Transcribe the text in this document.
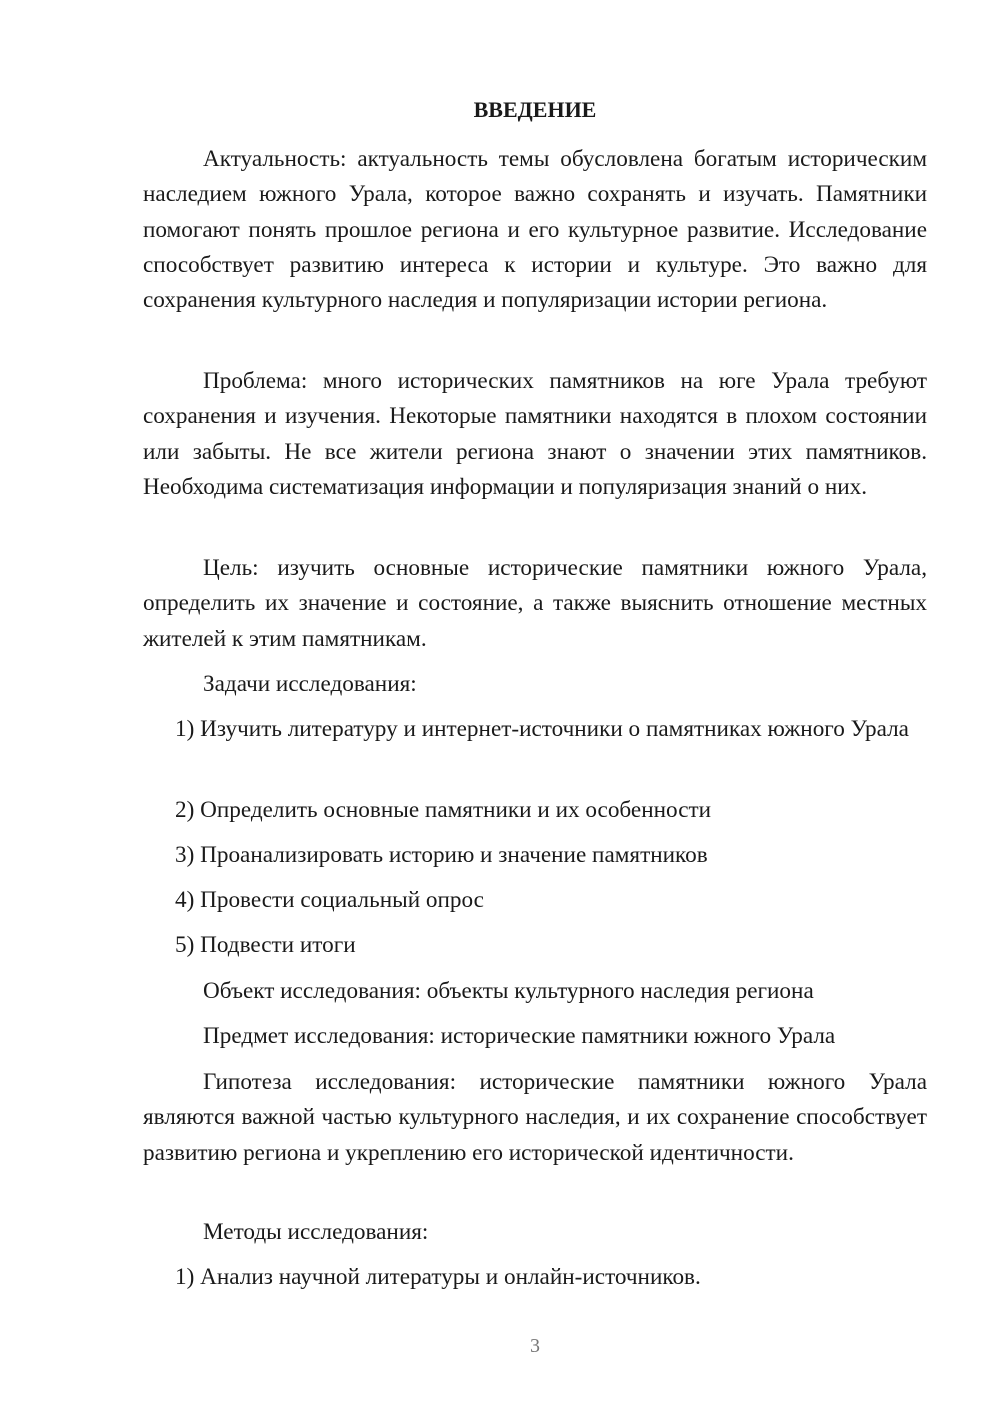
ВВЕДЕНИЕ

Актуальность: актуальность темы обусловлена богатым историческим наследием южного Урала, которое важно сохранять и изучать. Памятники помогают понять прошлое региона и его культурное развитие. Исследование способствует развитию интереса к истории и культуре. Это важно для сохранения культурного наследия и популяризации истории региона.

Проблема: много исторических памятников на юге Урала требуют сохранения и изучения. Некоторые памятники находятся в плохом состоянии или забыты. Не все жители региона знают о значении этих памятников. Необходима систематизация информации и популяризация знаний о них.

Цель: изучить основные исторические памятники южного Урала, определить их значение и состояние, а также выяснить отношение местных жителей к этим памятникам.

Задачи исследования:

1) Изучить литературу и интернет-источники о памятниках южного Урала

2) Определить основные памятники и их особенности

3) Проанализировать историю и значение памятников

4) Провести социальный опрос

5) Подвести итоги

Объект исследования: объекты культурного наследия региона

Предмет исследования: исторические памятники южного Урала

Гипотеза исследования: исторические памятники южного Урала являются важной частью культурного наследия, и их сохранение способствует развитию региона и укреплению его исторической идентичности.

Методы исследования:

1) Анализ научной литературы и онлайн-источников.

3
